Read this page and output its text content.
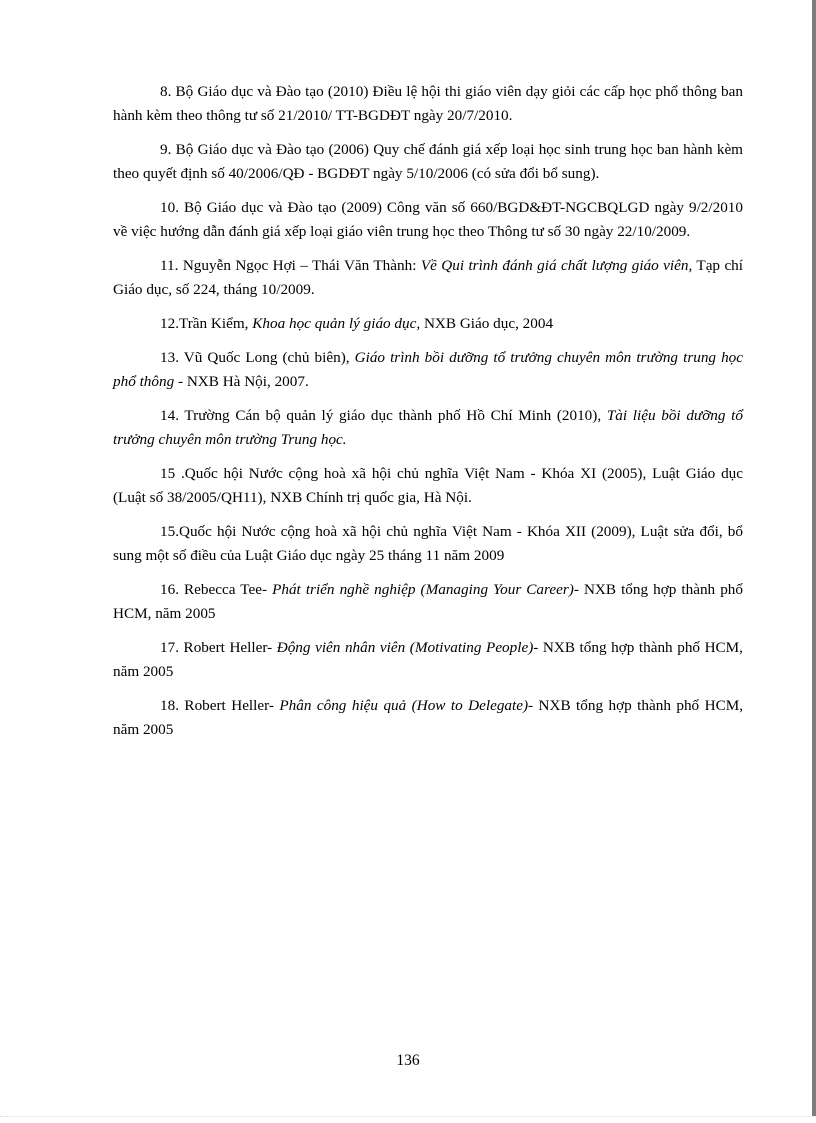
8. Bộ Giáo dục và Đào tạo (2010) Điều lệ hội thi giáo viên dạy giỏi các cấp học phổ thông ban hành kèm theo thông tư số 21/2010/ TT-BGDĐT ngày 20/7/2010.

9. Bộ Giáo dục và Đào tạo (2006) Quy chế đánh giá xếp loại học sinh trung học ban hành kèm theo quyết định số 40/2006/QĐ - BGDĐT ngày 5/10/2006 (có sửa đổi bổ sung).

10. Bộ Giáo dục và Đào tạo (2009) Công văn số 660/BGD&ĐT-NGCBQLGD ngày 9/2/2010 về việc hướng dẫn đánh giá xếp loại giáo viên trung học theo Thông tư số 30 ngày 22/10/2009.

11. Nguyễn Ngọc Hợi – Thái Văn Thành: Về Qui trình đánh giá chất lượng giáo viên, Tạp chí Giáo dục, số 224, tháng 10/2009.

12.Trần Kiểm, Khoa học quản lý giáo dục, NXB Giáo dục, 2004

13. Vũ Quốc Long (chủ biên), Giáo trình bồi dưỡng tổ trưởng chuyên môn trường trung học phổ thông - NXB Hà Nội, 2007.

14. Trường Cán bộ quản lý giáo dục thành phố Hồ Chí Minh (2010), Tài liệu bồi dưỡng tổ trưởng chuyên môn trường Trung học.

15 .Quốc hội Nước cộng hoà xã hội chủ nghĩa Việt Nam - Khóa XI (2005), Luật Giáo dục (Luật số 38/2005/QH11), NXB Chính trị quốc gia, Hà Nội.

15.Quốc hội Nước cộng hoà xã hội chủ nghĩa Việt Nam - Khóa XII (2009), Luật sửa đổi, bổ sung một số điều của Luật Giáo dục ngày 25 tháng 11 năm 2009

16. Rebecca Tee- Phát triển nghề nghiệp (Managing Your Career)- NXB tổng hợp thành phố HCM, năm 2005

17. Robert Heller- Động viên nhân viên (Motivating People)- NXB tổng hợp thành phố HCM, năm 2005

18. Robert Heller- Phân công hiệu quả (How to Delegate)- NXB tổng hợp thành phố HCM, năm 2005

136
